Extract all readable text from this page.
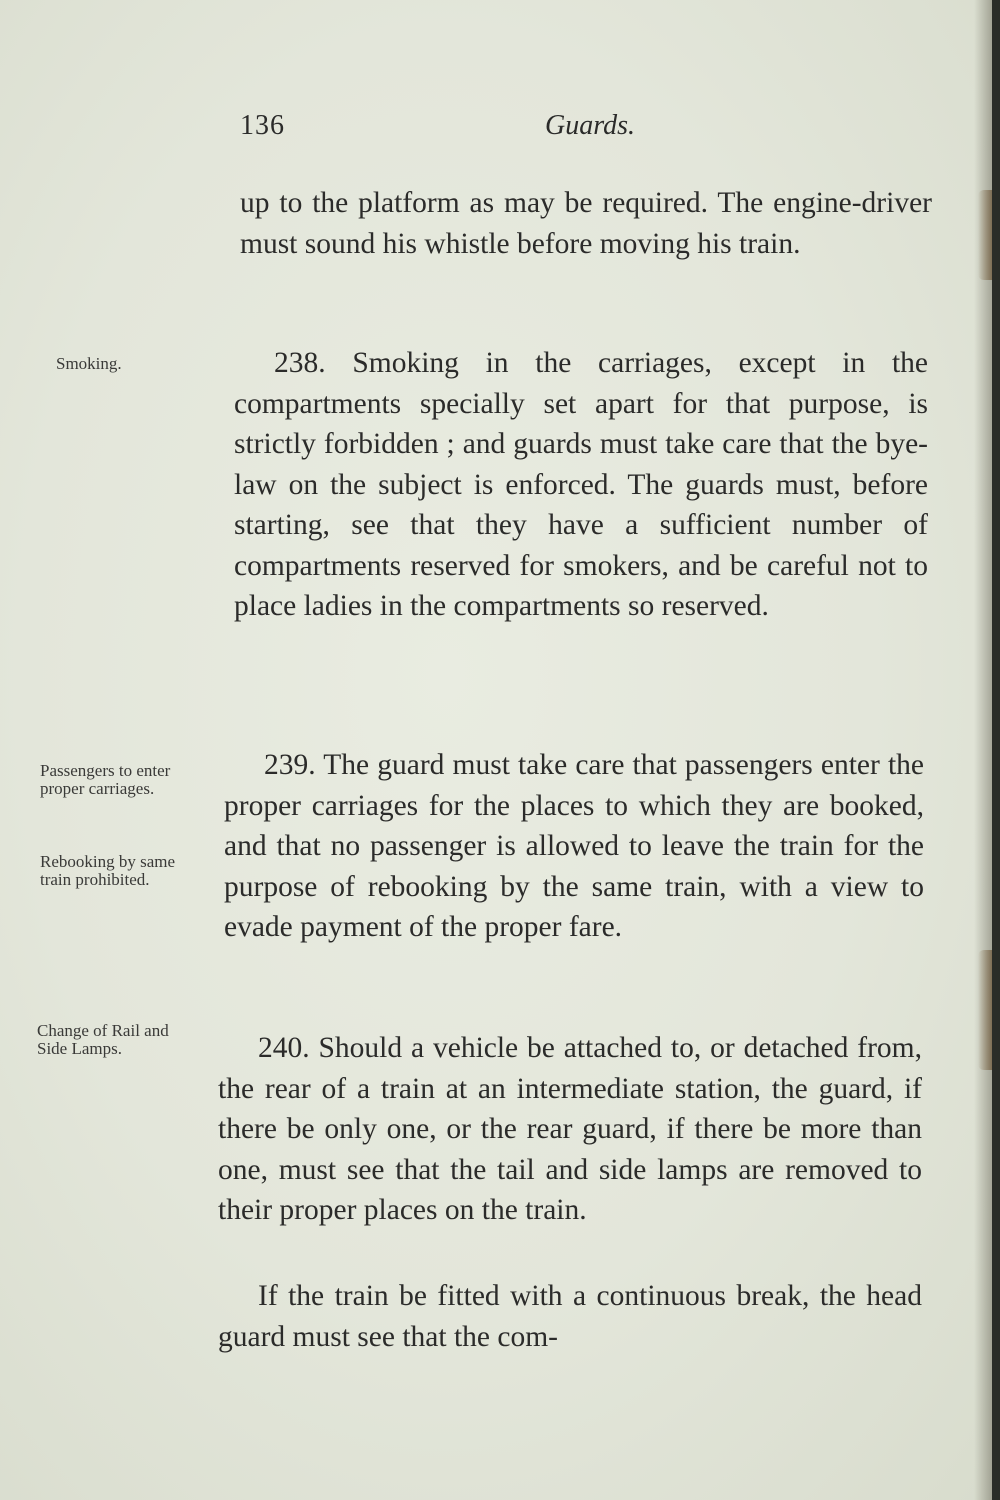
136	Guards.

up to the platform as may be required. The engine-driver must sound his whistle before moving his train.

238. Smoking in the carriages, except in the compartments specially set apart for that purpose, is strictly forbidden ; and guards must take care that the bye-law on the subject is enforced. The guards must, before starting, see that they have a sufficient number of compartments reserved for smokers, and be careful not to place ladies in the compartments so reserved.

239. The guard must take care that passengers enter the proper carriages for the places to which they are booked, and that no passenger is allowed to leave the train for the purpose of rebooking by the same train, with a view to evade payment of the proper fare.

240. Should a vehicle be attached to, or detached from, the rear of a train at an intermediate station, the guard, if there be only one, or the rear guard, if there be more than one, must see that the tail and side lamps are removed to their proper places on the train.

If the train be fitted with a continuous break, the head guard must see that the com-

Smoking.

Passengers to enter proper carriages.

Rebooking by same train prohibited.

Change of Rail and Side Lamps.
